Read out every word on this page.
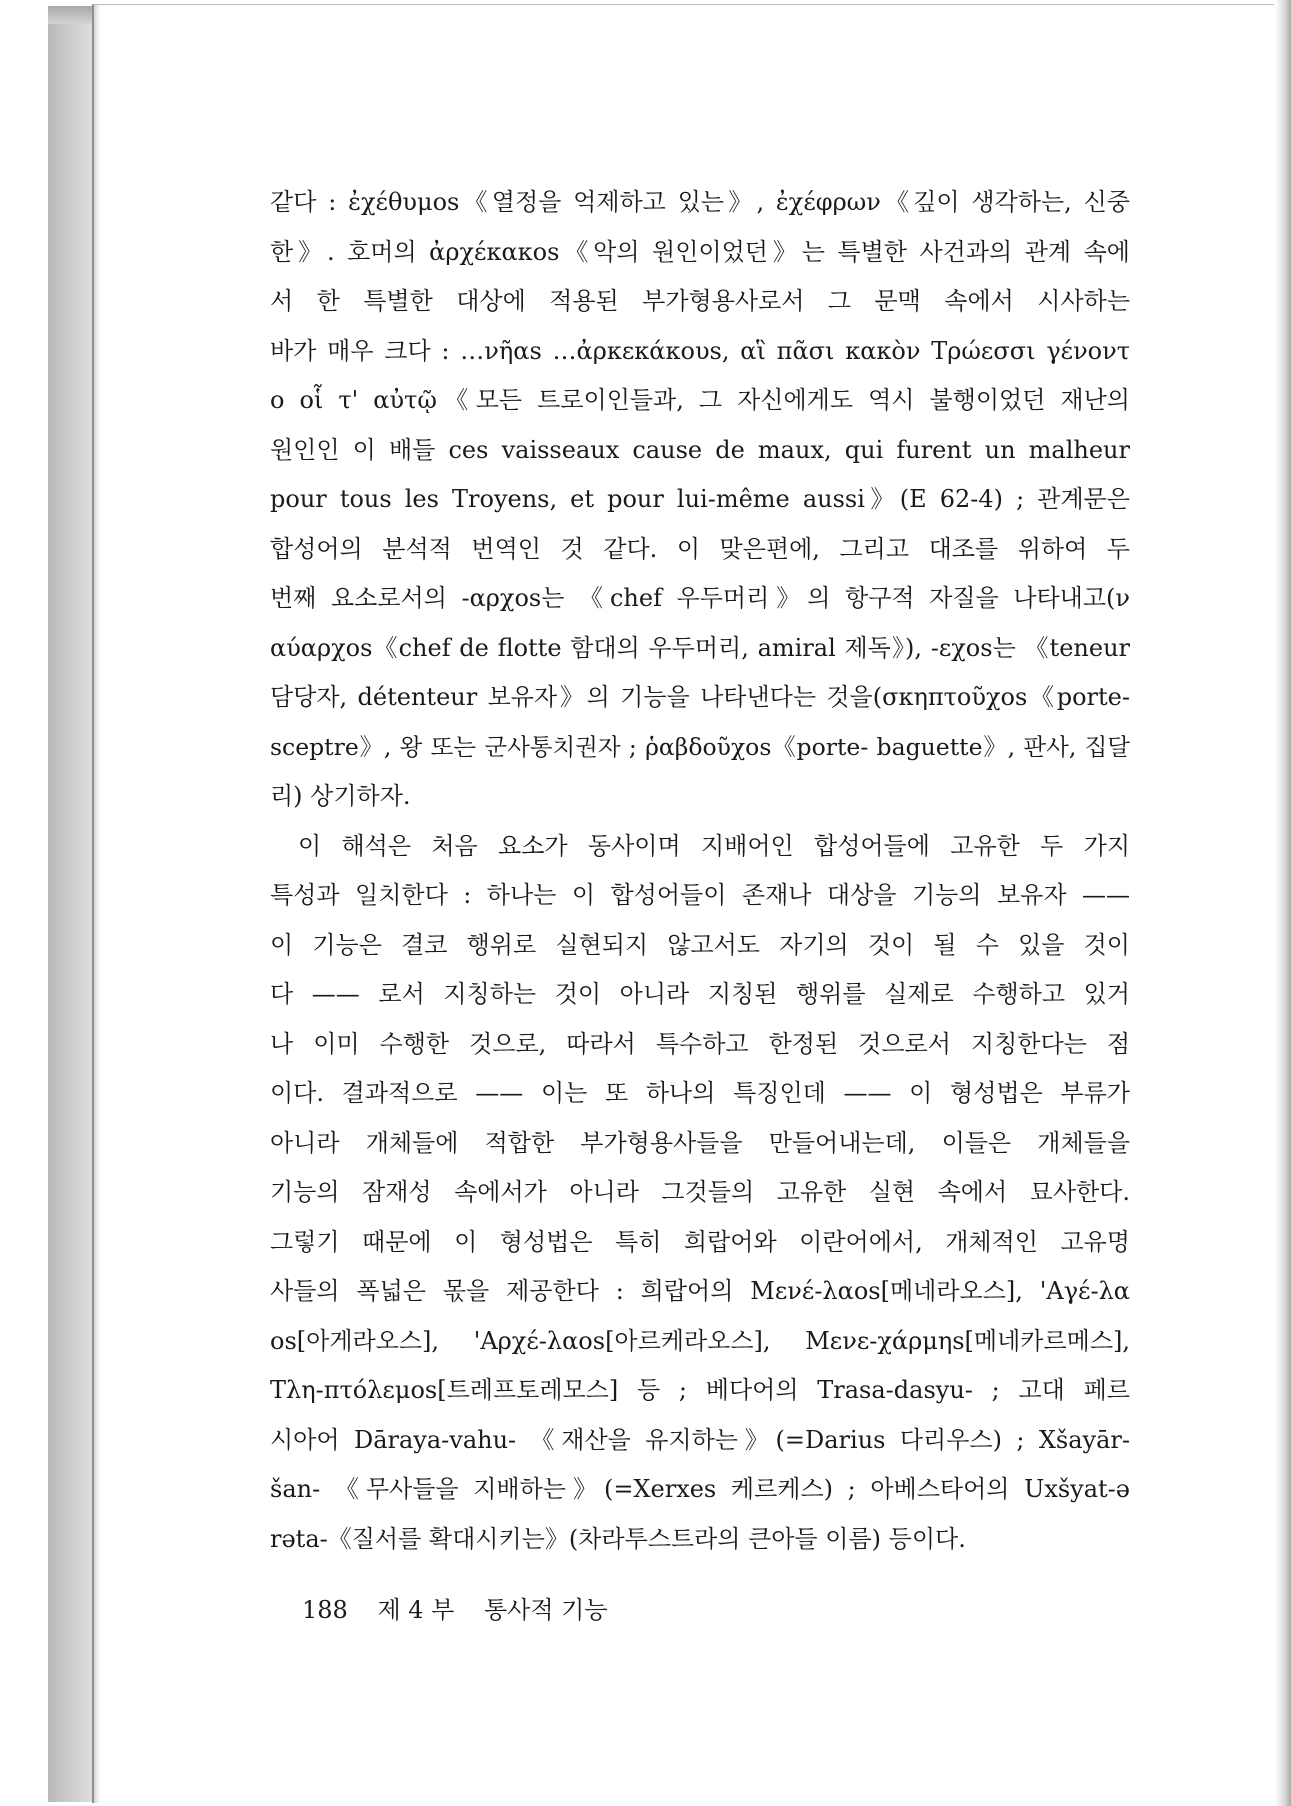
같다 : ἐχέθυμοs《열정을 억제하고 있는》, ἐχέφρων《깊이 생각하는, 신중
한》. 호머의 ἀρχέκακοs《악의 원인이었던》는 특별한 사건과의 관계 속에
서 한 특별한 대상에 적용된 부가형용사로서 그 문맥 속에서 시사하는
바가 매우 크다 : …νῆαs …ἀρκεκάκουs, αἳ πᾶσι κακὸν Τρώεσσι γένοντ
ο οἷ τ' αὐτῷ《모든 트로이인들과, 그 자신에게도 역시 불행이었던 재난의
원인인 이 배들 ces vaisseaux cause de maux, qui furent un malheur
pour tous les Troyens, et pour lui-même aussi》(E 62-4) ; 관계문은
합성어의 분석적 번역인 것 같다. 이 맞은편에, 그리고 대조를 위하여 두
번째 요소로서의 -αρχοs는 《chef 우두머리》의 항구적 자질을 나타내고(ν
αύαρχοs《chef de flotte 함대의 우두머리, amiral 제독》), -εχοs는 《teneur
담당자, détenteur 보유자》의 기능을 나타낸다는 것을(σκηπτοῦχοs《porte-
sceptre》, 왕 또는 군사통치권자 ; ῥαβδοῦχοs《porte- baguette》, 판사, 집달
리) 상기하자.
이 해석은 처음 요소가 동사이며 지배어인 합성어들에 고유한 두 가지
특성과 일치한다 : 하나는 이 합성어들이 존재나 대상을 기능의 보유자 ——
이 기능은 결코 행위로 실현되지 않고서도 자기의 것이 될 수 있을 것이
다 —— 로서 지칭하는 것이 아니라 지칭된 행위를 실제로 수행하고 있거
나 이미 수행한 것으로, 따라서 특수하고 한정된 것으로서 지칭한다는 점
이다. 결과적으로 —— 이는 또 하나의 특징인데 —— 이 형성법은 부류가
아니라 개체들에 적합한 부가형용사들을 만들어내는데, 이들은 개체들을
기능의 잠재성 속에서가 아니라 그것들의 고유한 실현 속에서 묘사한다.
그렇기 때문에 이 형성법은 특히 희랍어와 이란어에서, 개체적인 고유명
사들의 폭넓은 몫을 제공한다 : 희랍어의 Μενέ-λαοs[메네라오스], 'Αγέ-λα
οs[아게라오스], 'Αρχέ-λαοs[아르케라오스], Μενε-χάρμηs[메네카르메스],
Τλη-πτόλεμοs[트레프토레모스] 등 ; 베다어의 Trasa-dasyu- ; 고대 페르
시아어 Dāraya-vahu- 《재산을 유지하는》(=Darius 다리우스) ; Xšayār-
šan- 《무사들을 지배하는》(=Xerxes 케르케스) ; 아베스타어의 Uxšyat-ə
rəta-《질서를 확대시키는》(차라투스트라의 큰아들 이름) 등이다.
188 제 4 부 통사적 기능
